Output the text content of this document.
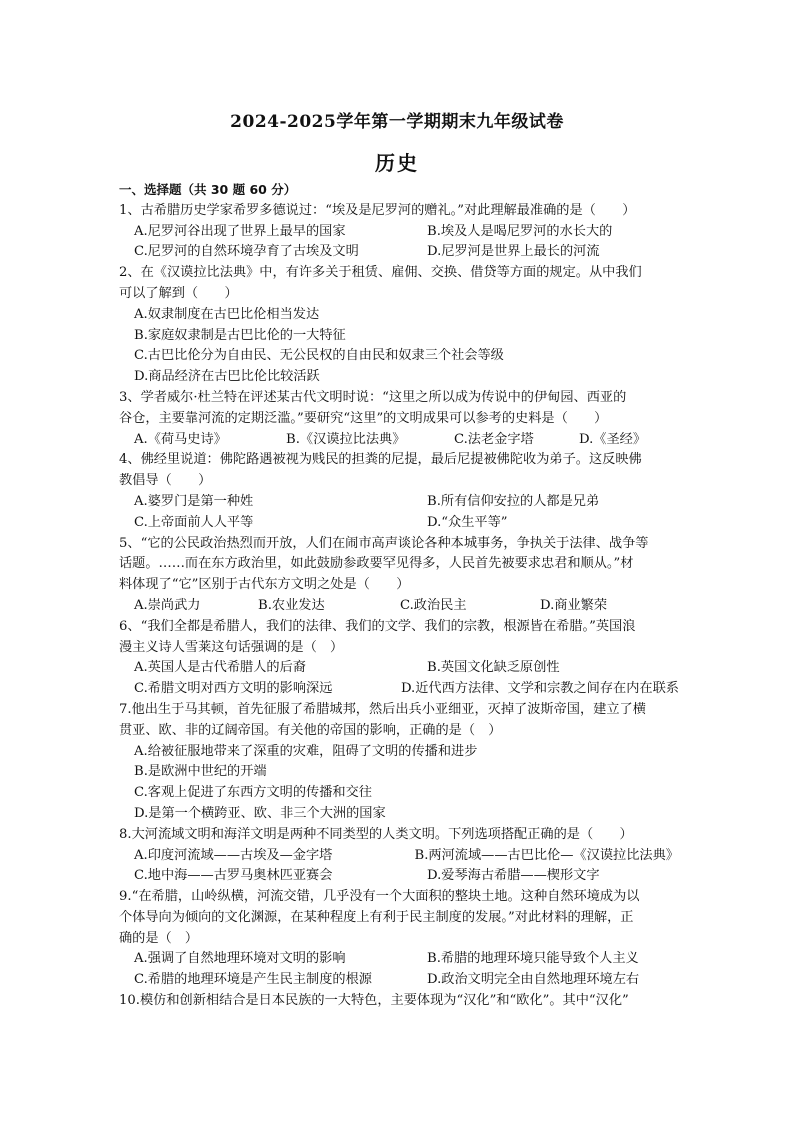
2024-2025学年第一学期期末九年级试卷
历史
一、选择题（共 30 题 60 分）
1、古希腊历史学家希罗多德说过：“埃及是尼罗河的赠礼。”对此理解最准确的是（　　）
A.尼罗河谷出现了世界上最早的国家	B.埃及人是喝尼罗河的水长大的
C.尼罗河的自然环境孕育了古埃及文明	D.尼罗河是世界上最长的河流
2、在《汉谟拉比法典》中，有许多关于租赁、雇佣、交换、借贷等方面的规定。从中我们
可以了解到（　　）
A.奴隶制度在古巴比伦相当发达
B.家庭奴隶制是古巴比伦的一大特征
C.古巴比伦分为自由民、无公民权的自由民和奴隶三个社会等级
D.商品经济在古巴比伦比较活跃
3、学者威尔·杜兰特在评述某古代文明时说：“这里之所以成为传说中的伊甸园、西亚的
谷仓，主要靠河流的定期泛滥。”要研究“这里”的文明成果可以参考的史料是（　　）
A.《荷马史诗》	B.《汉谟拉比法典》	C.法老金字塔	D.《圣经》
4、佛经里说道：佛陀路遇被视为贱民的担粪的尼提，最后尼提被佛陀收为弟子。这反映佛
教倡导（　　）
A.婆罗门是第一种姓	B.所有信仰安拉的人都是兄弟
C.上帝面前人人平等	D.“众生平等”
5、“它的公民政治热烈而开放，人们在闹市高声谈论各种本城事务，争执关于法律、战争等
话题。……而在东方政治里，如此鼓励参政要罕见得多，人民首先被要求忠君和顺从。”材
料体现了“它”区别于古代东方文明之处是（　　）
A.崇尚武力	B.农业发达	C.政治民主	D.商业繁荣
6、“我们全都是希腊人，我们的法律、我们的文学、我们的宗教，根源皆在希腊。”英国浪
漫主义诗人雪莱这句话强调的是（　）
A.英国人是古代希腊人的后裔	B.英国文化缺乏原创性
C.希腊文明对西方文明的影响深远	D.近代西方法律、文学和宗教之间存在内在联系
7.他出生于马其顿，首先征服了希腊城邦，然后出兵小亚细亚，灭掉了波斯帝国，建立了横
贯亚、欧、非的辽阔帝国。有关他的帝国的影响，正确的是（　）
A.给被征服地带来了深重的灾难，阻碍了文明的传播和进步
B.是欧洲中世纪的开端
C.客观上促进了东西方文明的传播和交往
D.是第一个横跨亚、欧、非三个大洲的国家
8.大河流域文明和海洋文明是两种不同类型的人类文明。下列选项搭配正确的是（　　）
A.印度河流域——古埃及—金字塔	B.两河流域——古巴比伦—《汉谟拉比法典》
C.地中海——古罗马奥林匹亚赛会	D.爱琴海古希腊——楔形文字
9.“在希腊，山岭纵横，河流交错，几乎没有一个大面积的整块土地。这种自然环境成为以
个体导向为倾向的文化渊源，在某种程度上有利于民主制度的发展。”对此材料的理解，正
确的是（　）
A.强调了自然地理环境对文明的影响	B.希腊的地理环境只能导致个人主义
C.希腊的地理环境是产生民主制度的根源	D.政治文明完全由自然地理环境左右
10.模仿和创新相结合是日本民族的一大特色，主要体现为“汉化”和“欧化”。其中“汉化”
